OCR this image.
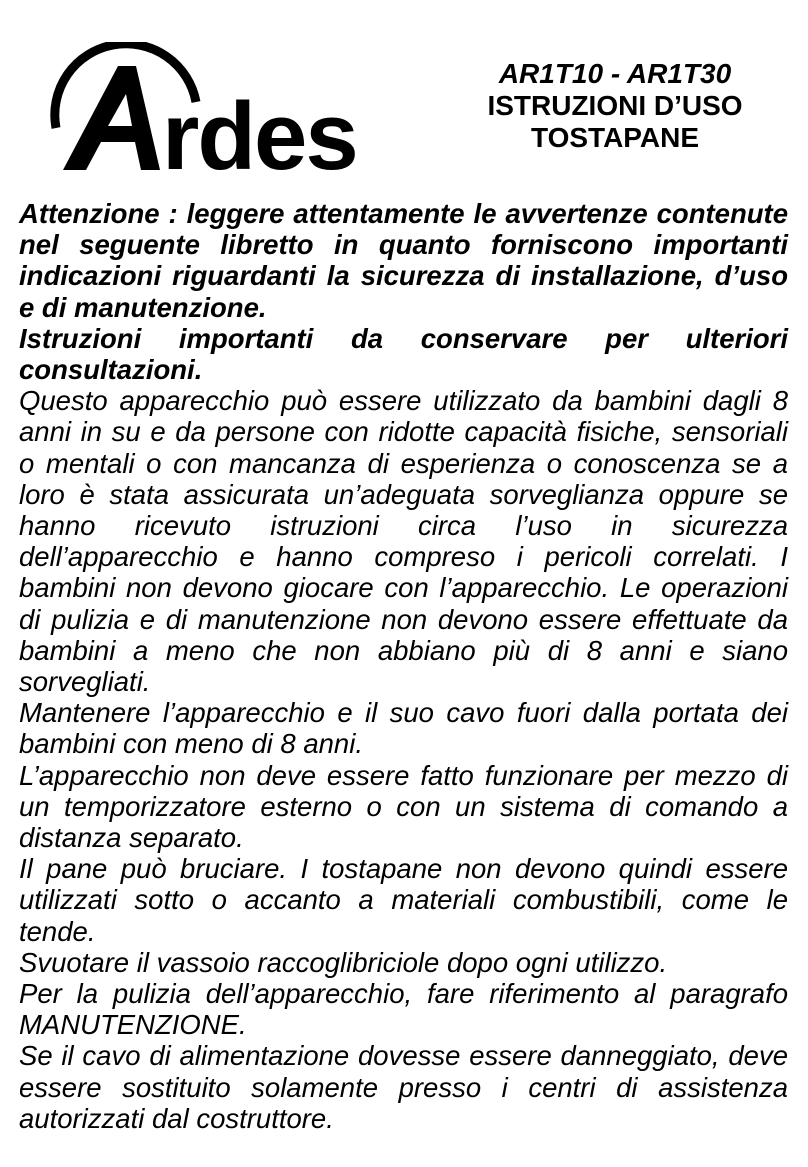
rdes
AR1T10 - AR1T30
ISTRUZIONI D’USO
TOSTAPANE

Attenzione : leggere attentamente le avvertenze contenute nel seguente libretto in quanto forniscono importanti indicazioni riguardanti la sicurezza di installazione, d’uso e di manutenzione.

Istruzioni importanti da conservare per ulteriori consultazioni.

Questo apparecchio può essere utilizzato da bambini dagli 8 anni in su e da persone con ridotte capacità fisiche, sensoriali o mentali o con mancanza di esperienza o conoscenza se a loro è stata assicurata un’adeguata sorveglianza oppure se hanno ricevuto istruzioni circa l’uso in sicurezza dell’apparecchio e hanno compreso i pericoli correlati. I bambini non devono giocare con l’apparecchio. Le operazioni di pulizia e di manutenzione non devono essere effettuate da bambini a meno che non abbiano più di 8 anni e siano sorvegliati.

Mantenere l’apparecchio e il suo cavo fuori dalla portata dei bambini con meno di 8 anni.

L’apparecchio non deve essere fatto funzionare per mezzo di un temporizzatore esterno o con un sistema di comando a distanza separato.

Il pane può bruciare. I tostapane non devono quindi essere utilizzati sotto o accanto a materiali combustibili, come le tende.

Svuotare il vassoio raccoglibriciole dopo ogni utilizzo.

Per la pulizia dell’apparecchio, fare riferimento al paragrafo MANUTENZIONE.

Se il cavo di alimentazione dovesse essere danneggiato, deve essere sostituito solamente presso i centri di assistenza autorizzati dal costruttore.
